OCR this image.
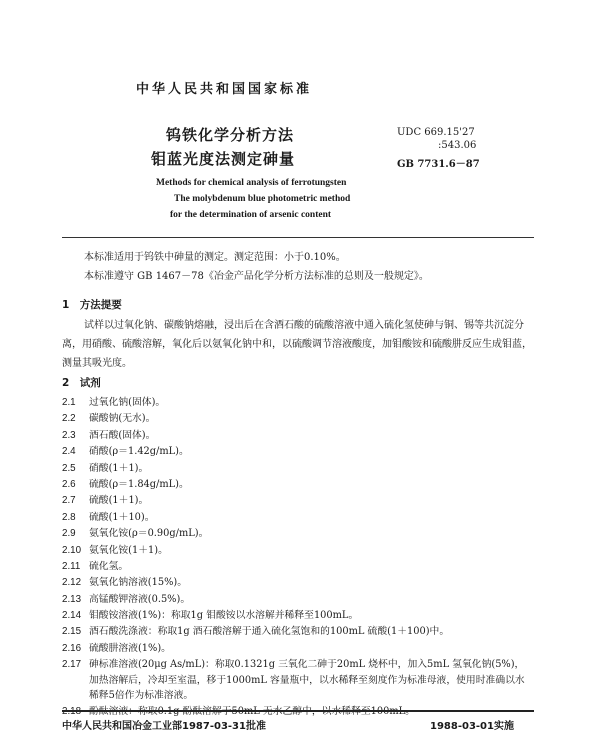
中华人民共和国国家标准
钨铁化学分析方法
钼蓝光度法测定砷量
UDC 669.15'27
:543.06
GB 7731.6－87
Methods for chemical analysis of ferrotungsten
The molybdenum blue photometric method
for the determination of arsenic content
本标准适用于钨铁中砷量的测定。测定范围：小于0.10%。
本标准遵守 GB 1467－78《冶金产品化学分析方法标准的总则及一般规定》。
1　方法提要
试样以过氧化钠、碳酸钠熔融，浸出后在含酒石酸的硫酸溶液中通入硫化氢使砷与铜、锡等共沉淀分离，用硝酸、硫酸溶解，氧化后以氨氧化钠中和，以硫酸调节溶液酸度，加钼酸铵和硫酸肼反应生成钼蓝，测量其吸光度。
2　试剂
2.1	过氧化钠(固体)。
2.2	碳酸钠(无水)。
2.3	酒石酸(固体)。
2.4	硝酸(ρ＝1.42g/mL)。
2.5	硝酸(1＋1)。
2.6	硫酸(ρ＝1.84g/mL)。
2.7	硫酸(1＋1)。
2.8	硫酸(1＋10)。
2.9	氨氧化铵(ρ＝0.90g/mL)。
2.10 氨氧化铵(1＋1)。
2.11 硫化氢。
2.12 氨氧化钠溶液(15%)。
2.13 高锰酸钾溶液(0.5%)。
2.14 钼酸铵溶液(1%)：称取1g 钼酸铵以水溶解并稀释至100mL。
2.15 酒石酸洗涤液：称取1g 酒石酸溶解于通入硫化氢饱和的100mL 硫酸(1＋100)中。
2.16 硫酸肼溶液(1%)。
2.17 砷标准溶液(20μg As/mL)：称取0.1321g 三氧化二砷于20mL 烧杯中，加入5mL 氢氧化钠(5%)，加热溶解后，冷却至室温，移于1000mL 容量瓶中，以水稀释至刻度作为标准母液，使用时准确以水稀释5倍作为标准溶液。
中华人民共和国冶金工业部1987-03-31批准	1988-03-01实施
